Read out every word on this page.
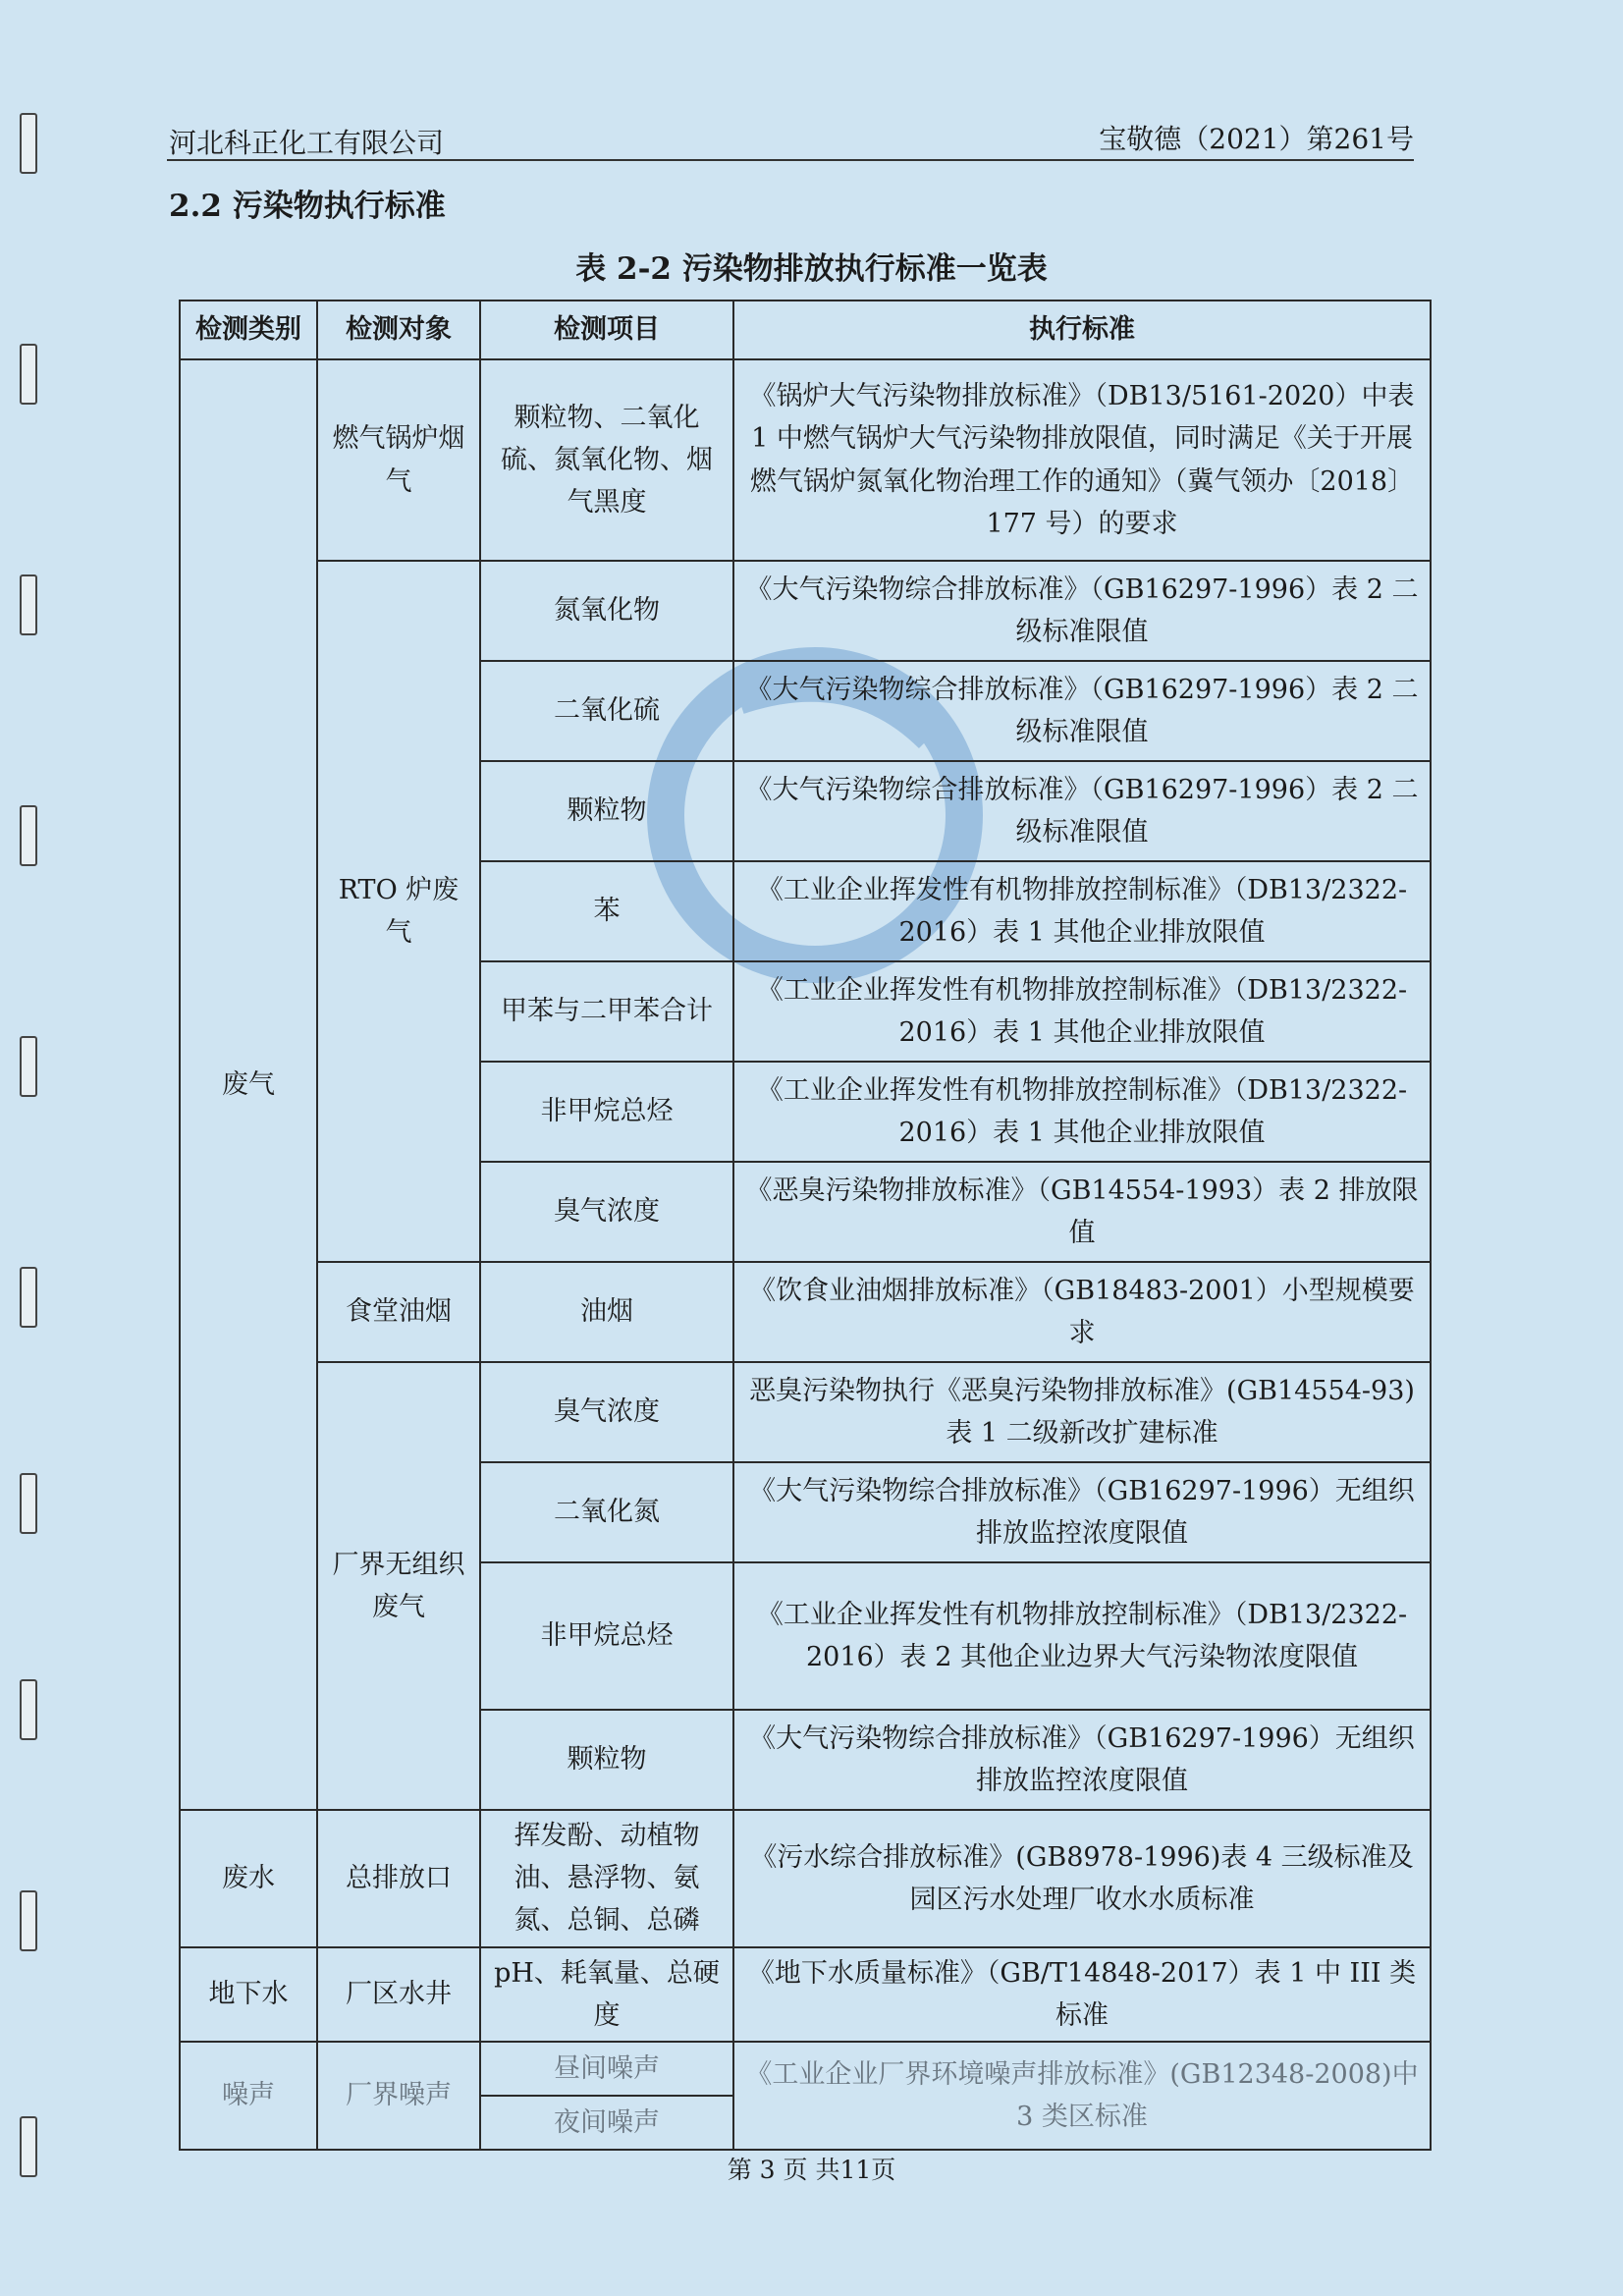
河北科正化工有限公司	宝敬德（2021）第261号
2.2 污染物执行标准
表 2-2 污染物排放执行标准一览表
检测类别	检测对象	检测项目	执行标准
废气	燃气锅炉烟气	颗粒物、二氧化硫、氮氧化物、烟气黑度	《锅炉大气污染物排放标准》（DB13/5161-2020）中表 1 中燃气锅炉大气污染物排放限值，同时满足《关于开展燃气锅炉氮氧化物治理工作的通知》（冀气领办〔2018〕177 号）的要求
	RTO 炉废气	氮氧化物	《大气污染物综合排放标准》（GB16297-1996）表 2 二级标准限值
		二氧化硫	《大气污染物综合排放标准》（GB16297-1996）表 2 二级标准限值
		颗粒物	《大气污染物综合排放标准》（GB16297-1996）表 2 二级标准限值
		苯	《工业企业挥发性有机物排放控制标准》（DB13/2322-2016）表 1 其他企业排放限值
		甲苯与二甲苯合计	《工业企业挥发性有机物排放控制标准》（DB13/2322-2016）表 1 其他企业排放限值
		非甲烷总烃	《工业企业挥发性有机物排放控制标准》（DB13/2322-2016）表 1 其他企业排放限值
		臭气浓度	《恶臭污染物排放标准》（GB14554-1993）表 2 排放限值
	食堂油烟	油烟	《饮食业油烟排放标准》（GB18483-2001）小型规模要求
	厂界无组织废气	臭气浓度	恶臭污染物执行《恶臭污染物排放标准》(GB14554-93)表 1 二级新改扩建标准
		二氧化氮	《大气污染物综合排放标准》（GB16297-1996）无组织排放监控浓度限值
		非甲烷总烃	《工业企业挥发性有机物排放控制标准》（DB13/2322-2016）表 2 其他企业边界大气污染物浓度限值
		颗粒物	《大气污染物综合排放标准》（GB16297-1996）无组织排放监控浓度限值
废水	总排放口	挥发酚、动植物油、悬浮物、氨氮、总铜、总磷	《污水综合排放标准》(GB8978-1996)表 4 三级标准及园区污水处理厂收水水质标准
地下水	厂区水井	pH、耗氧量、总硬度	《地下水质量标准》（GB/T14848-2017）表 1 中 III 类标准
噪声	厂界噪声	昼间噪声	《工业企业厂界环境噪声排放标准》(GB12348-2008)中3 类区标准
		夜间噪声	
第 3 页 共11页
